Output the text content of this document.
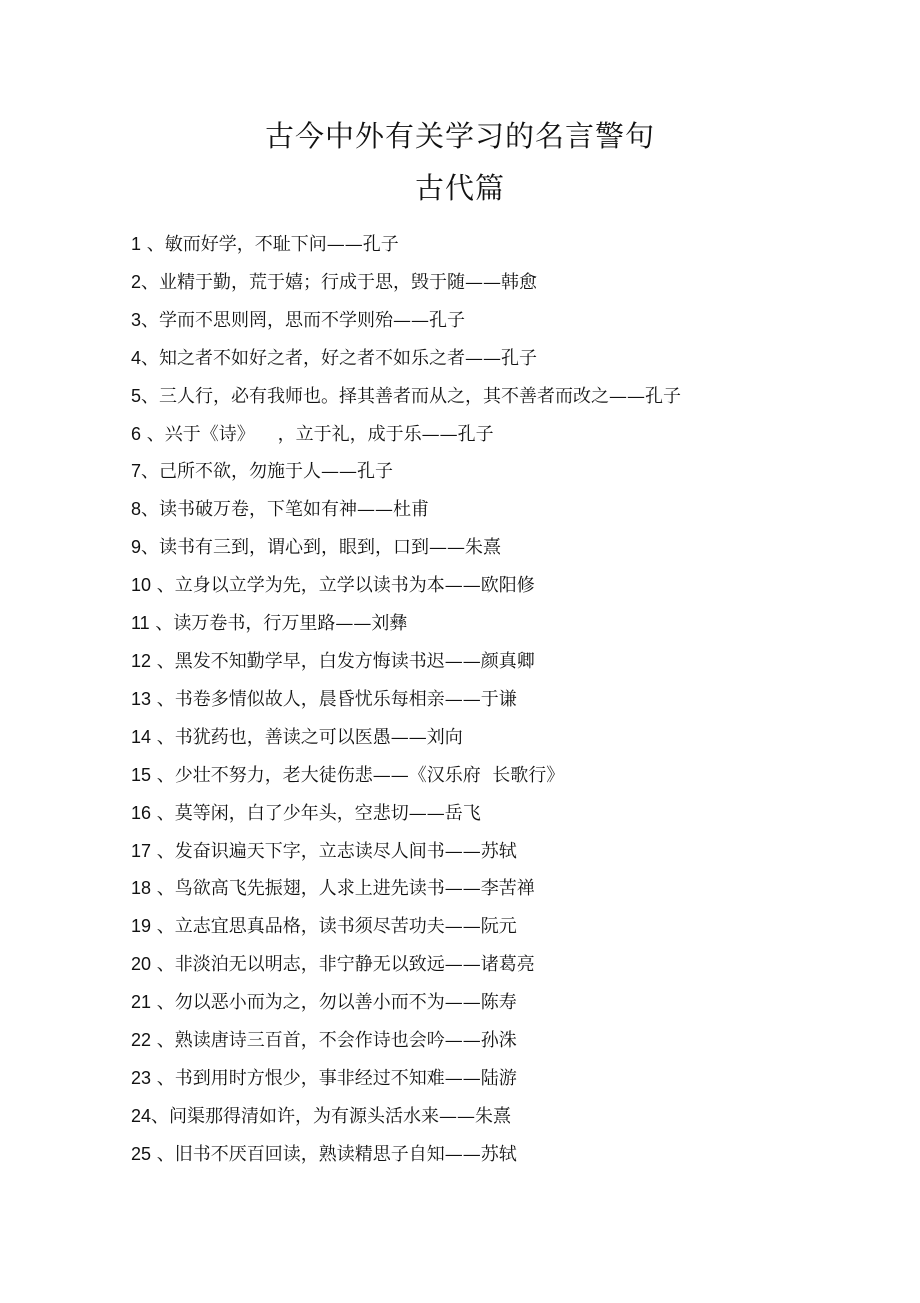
古今中外有关学习的名言警句
古代篇
1 、敏而好学，不耻下问——孔子
2、业精于勤，荒于嬉；行成于思，毁于随——韩愈
3、学而不思则罔，思而不学则殆——孔子
4、知之者不如好之者，好之者不如乐之者——孔子
5、三人行，必有我师也。择其善者而从之，其不善者而改之——孔子
6 、兴于《诗》    ，立于礼，成于乐——孔子
7、己所不欲，勿施于人——孔子
8、读书破万卷，下笔如有神——杜甫
9、读书有三到，谓心到，眼到，口到——朱熹
10 、立身以立学为先，立学以读书为本——欧阳修
11 、读万卷书，行万里路——刘彝
12 、黑发不知勤学早，白发方悔读书迟——颜真卿
13 、书卷多情似故人，晨昏忧乐每相亲——于谦
14 、书犹药也，善读之可以医愚——刘向
15 、少壮不努力，老大徒伤悲——《汉乐府  长歌行》
16 、莫等闲，白了少年头，空悲切——岳飞
17 、发奋识遍天下字，立志读尽人间书——苏轼
18 、鸟欲高飞先振翅，人求上进先读书——李苦禅
19 、立志宜思真品格，读书须尽苦功夫——阮元
20 、非淡泊无以明志，非宁静无以致远——诸葛亮
21 、勿以恶小而为之，勿以善小而不为——陈寿
22 、熟读唐诗三百首，不会作诗也会吟——孙洙
23 、书到用时方恨少，事非经过不知难——陆游
24、问渠那得清如许，为有源头活水来——朱熹
25 、旧书不厌百回读，熟读精思子自知——苏轼
